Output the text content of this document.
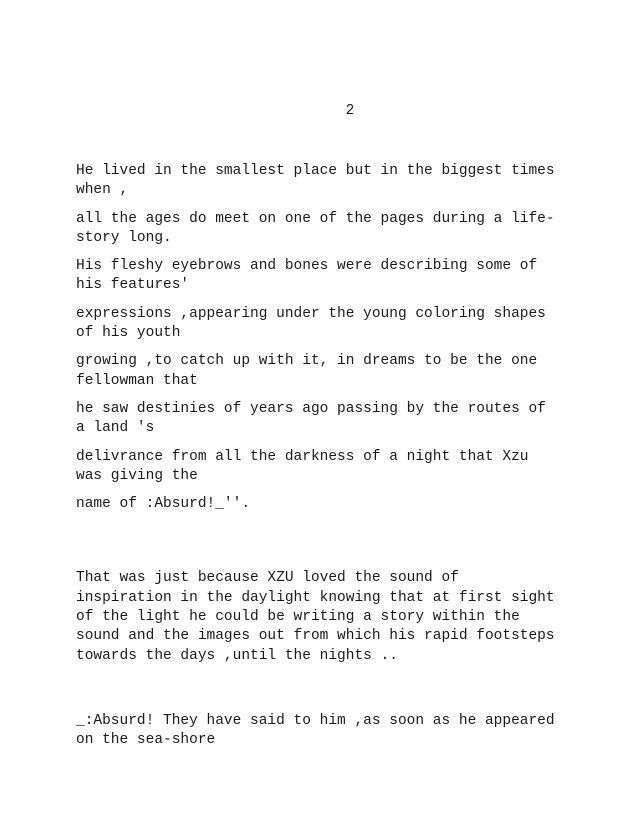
2

He lived in the smallest place but in the biggest times
when ,

all the ages do meet on one of the pages during a life-
story long.

His fleshy eyebrows and bones were describing some of
his features'

expressions ,appearing under the young coloring shapes
of his youth

growing ,to catch up with it, in dreams to be the one
fellowman that

he saw destinies of years ago passing by the routes of
a land 's

delivrance from all the darkness of a night that Xzu
was giving the

name of :Absurd!_''.

That was just because XZU loved the sound of
inspiration in the daylight knowing that at first sight
of the light he could be writing a story within the
sound and the images out from which his rapid footsteps
towards the days ,until the nights ..

_:Absurd! They have said to him ,as soon as he appeared
on the sea-shore
